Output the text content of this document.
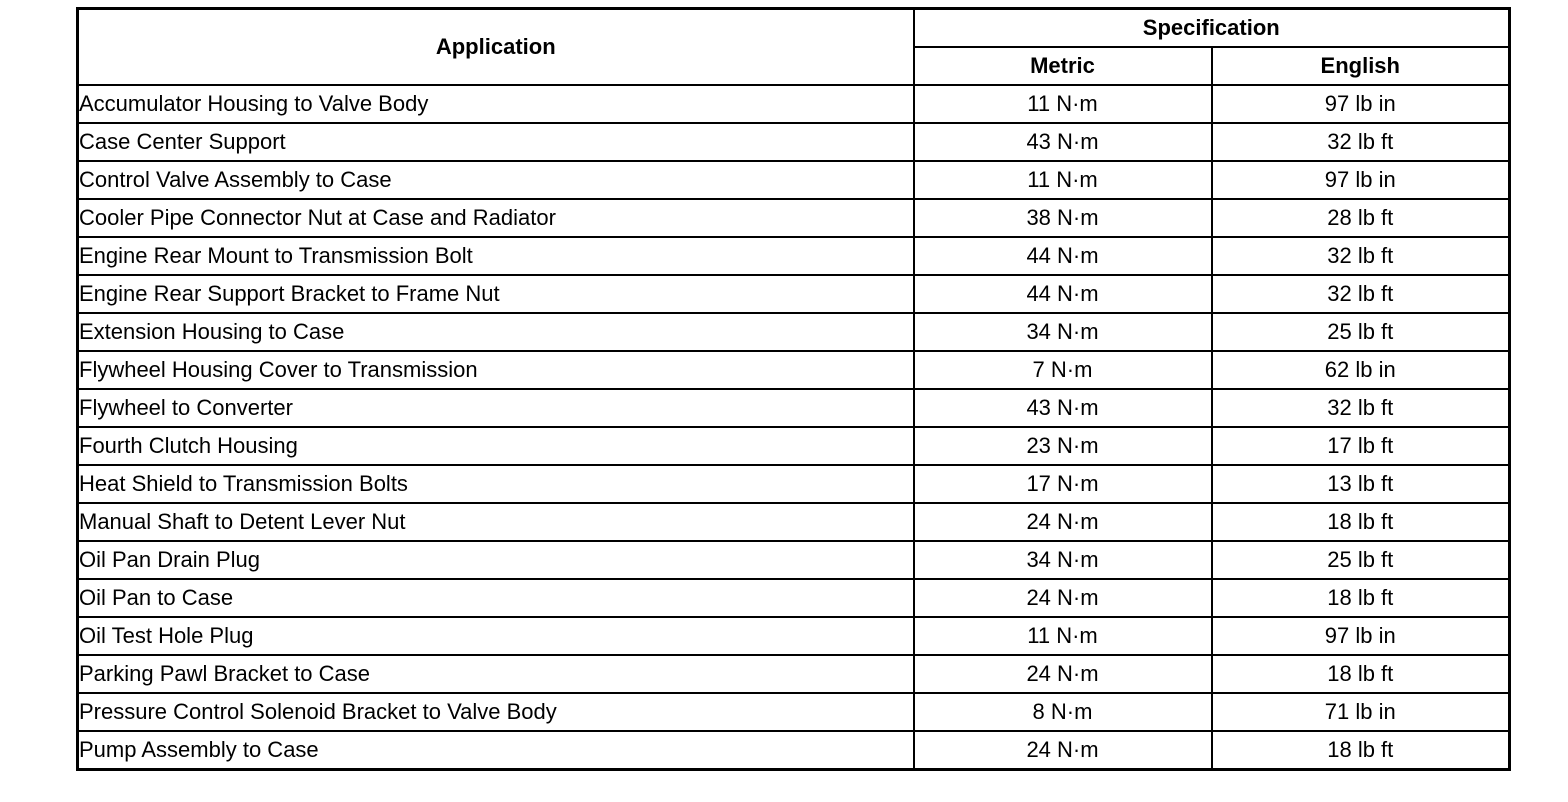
Application	Specification	
	Metric	English
Accumulator Housing to Valve Body	11 N·m	97 lb in
Case Center Support	43 N·m	32 lb ft
Control Valve Assembly to Case	11 N·m	97 lb in
Cooler Pipe Connector Nut at Case and Radiator	38 N·m	28 lb ft
Engine Rear Mount to Transmission Bolt	44 N·m	32 lb ft
Engine Rear Support Bracket to Frame Nut	44 N·m	32 lb ft
Extension Housing to Case	34 N·m	25 lb ft
Flywheel Housing Cover to Transmission	7 N·m	62 lb in
Flywheel to Converter	43 N·m	32 lb ft
Fourth Clutch Housing	23 N·m	17 lb ft
Heat Shield to Transmission Bolts	17 N·m	13 lb ft
Manual Shaft to Detent Lever Nut	24 N·m	18 lb ft
Oil Pan Drain Plug	34 N·m	25 lb ft
Oil Pan to Case	24 N·m	18 lb ft
Oil Test Hole Plug	11 N·m	97 lb in
Parking Pawl Bracket to Case	24 N·m	18 lb ft
Pressure Control Solenoid Bracket to Valve Body	8 N·m	71 lb in
Pump Assembly to Case	24 N·m	18 lb ft
